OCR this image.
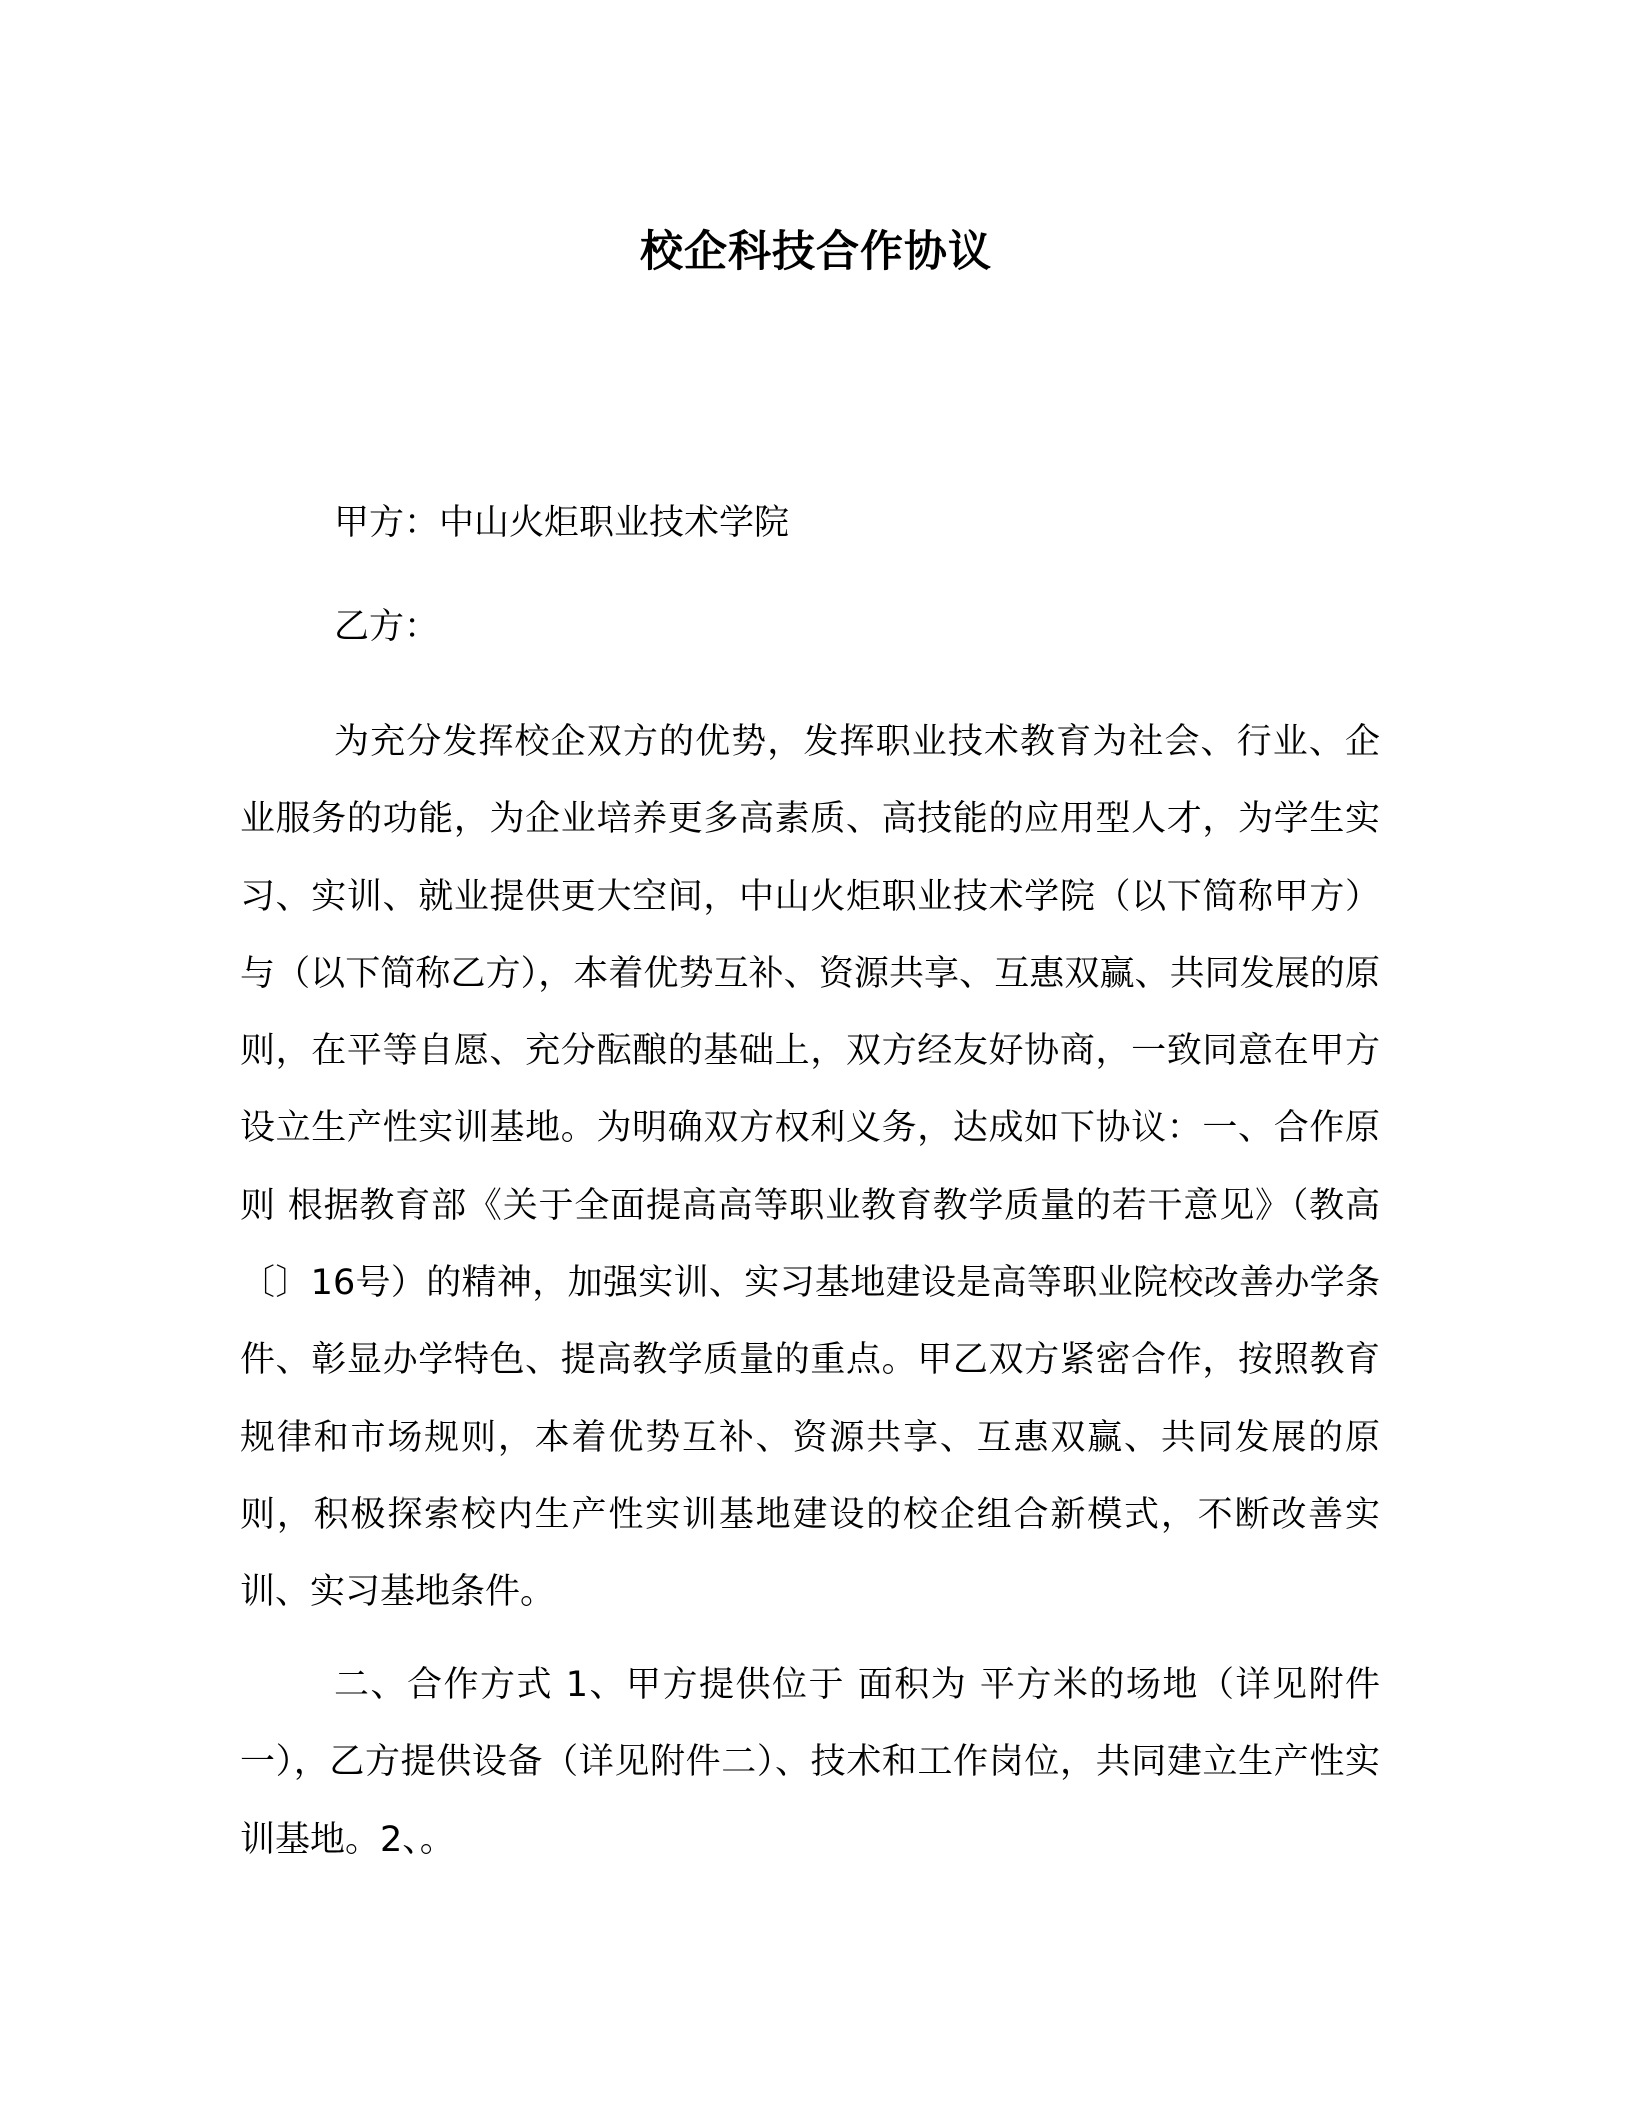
校企科技合作协议
甲方：中山火炬职业技术学院
乙方：

为充分发挥校企双方的优势，发挥职业技术教育为社会、行业、企业服务的功能，为企业培养更多高素质、高技能的应用型人才，为学生实习、实训、就业提供更大空间，中山火炬职业技术学院（以下简称甲方）与（以下简称乙方），本着优势互补、资源共享、互惠双赢、共同发展的原则，在平等自愿、充分酝酿的基础上，双方经友好协商，一致同意在甲方设立生产性实训基地。为明确双方权利义务，达成如下协议：一、合作原则 根据教育部《关于全面提高高等职业教育教学质量的若干意见》（教高〔〕16号）的精神，加强实训、实习基地建设是高等职业院校改善办学条件、彰显办学特色、提高教学质量的重点。甲乙双方紧密合作，按照教育规律和市场规则，本着优势互补、资源共享、互惠双赢、共同发展的原则，积极探索校内生产性实训基地建设的校企组合新模式，不断改善实训、实习基地条件。

二、合作方式 1、甲方提供位于 面积为 平方米的场地（详见附件一），乙方提供设备（详见附件二）、技术和工作岗位，共同建立生产性实训基地。2、。
